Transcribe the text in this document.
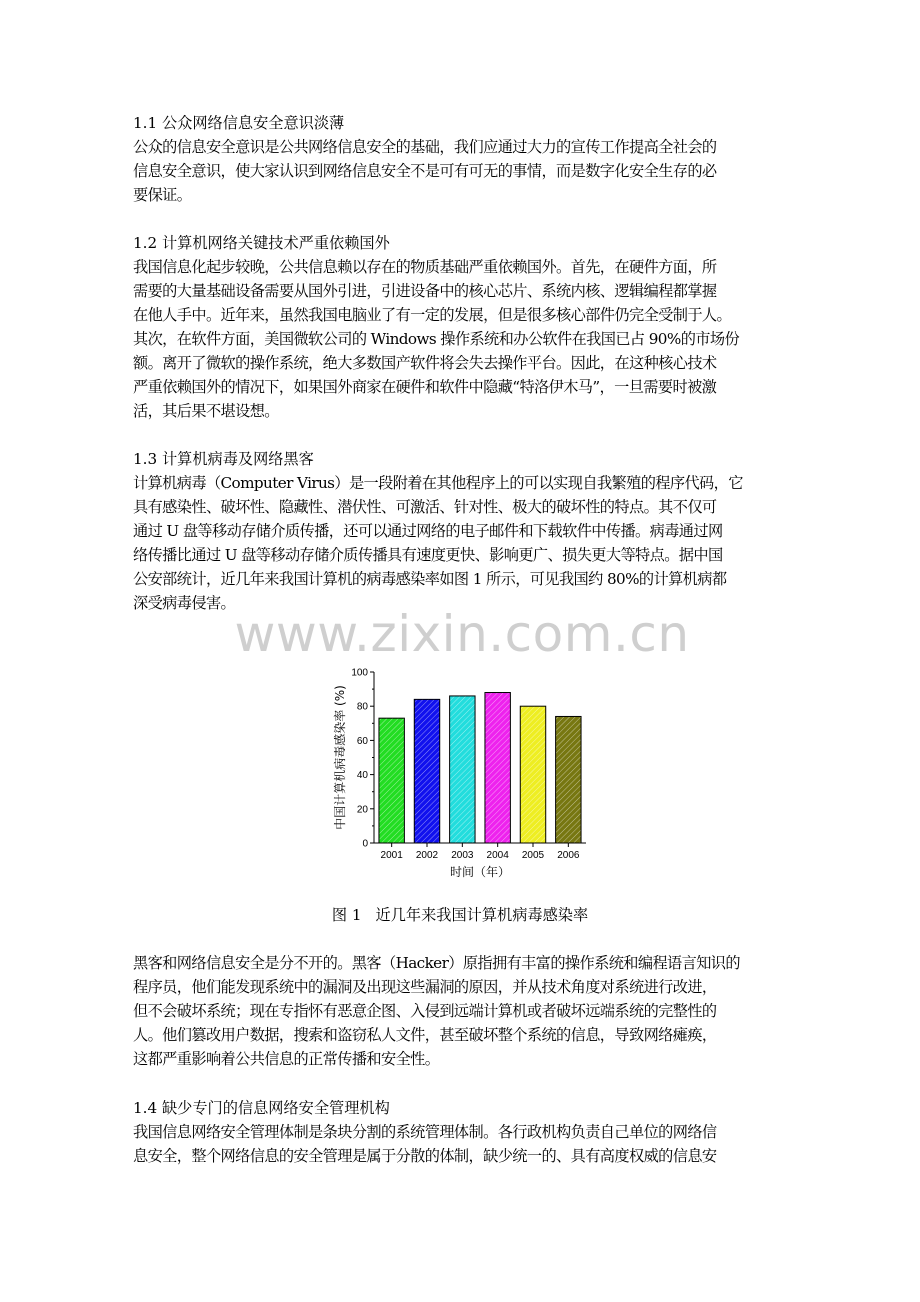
1.1 公众网络信息安全意识淡薄

公众的信息安全意识是公共网络信息安全的基础，我们应通过大力的宣传工作提高全社会的

信息安全意识，使大家认识到网络信息安全不是可有可无的事情，而是数字化安全生存的必

要保证。

1.2 计算机网络关键技术严重依赖国外

我国信息化起步较晚，公共信息赖以存在的物质基础严重依赖国外。首先，在硬件方面，所

需要的大量基础设备需要从国外引进，引进设备中的核心芯片、系统内核、逻辑编程都掌握

在他人手中。近年来，虽然我国电脑业了有一定的发展，但是很多核心部件仍完全受制于人。

其次，在软件方面，美国微软公司的 Windows 操作系统和办公软件在我国已占 90%的市场份

额。离开了微软的操作系统，绝大多数国产软件将会失去操作平台。因此，在这种核心技术

严重依赖国外的情况下，如果国外商家在硬件和软件中隐藏“特洛伊木马”，一旦需要时被激

活，其后果不堪设想。

1.3 计算机病毒及网络黑客

计算机病毒（Computer Virus）是一段附着在其他程序上的可以实现自我繁殖的程序代码，它

具有感染性、破坏性、隐藏性、潜伏性、可激活、针对性、极大的破坏性的特点。其不仅可

通过 U 盘等移动存储介质传播，还可以通过网络的电子邮件和下载软件中传播。病毒通过网

络传播比通过 U 盘等移动存储介质传播具有速度更快、影响更广、损失更大等特点。据中国

公安部统计，近几年来我国计算机的病毒感染率如图 1 所示，可见我国约 80%的计算机病都

深受病毒侵害。

www.zixin.com.cn
0
20
40
60
80
100
2001 2002 2003 2004 2005 2006
时间（年）
中国计算机病毒感染率 (%)
图 1 近几年来我国计算机病毒感染率

黑客和网络信息安全是分不开的。黑客（Hacker）原指拥有丰富的操作系统和编程语言知识的

程序员，他们能发现系统中的漏洞及出现这些漏洞的原因，并从技术角度对系统进行改进，

但不会破坏系统；现在专指怀有恶意企图、入侵到远端计算机或者破坏远端系统的完整性的

人。他们篡改用户数据，搜索和盗窃私人文件，甚至破坏整个系统的信息，导致网络瘫痪，

这都严重影响着公共信息的正常传播和安全性。

1.4 缺少专门的信息网络安全管理机构

我国信息网络安全管理体制是条块分割的系统管理体制。各行政机构负责自己单位的网络信

息安全，整个网络信息的安全管理是属于分散的体制，缺少统一的、具有高度权威的信息安
